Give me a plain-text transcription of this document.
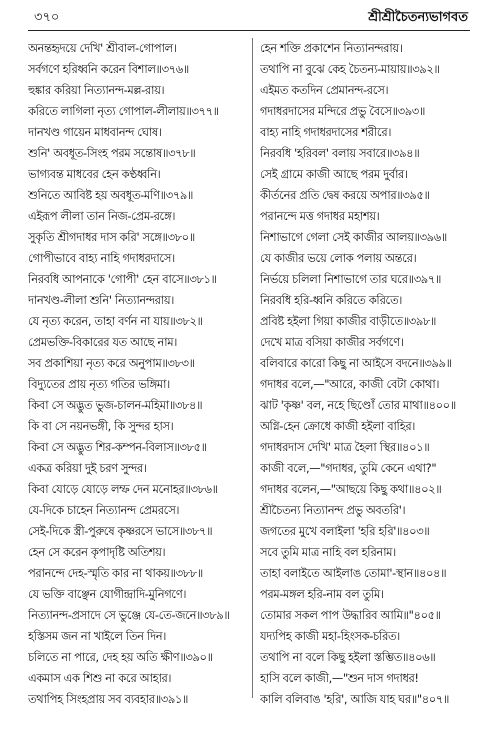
৩৭০	শ্রীশ্রীচৈতন্যভাগবত
অনন্তহৃদয়ে দেখি' শ্রীবাল-গোপাল।
সর্বগণে হরিধ্বনি করেন বিশাল॥৩৭৬॥
হুঙ্কার করিয়া নিত্যানন্দ-মল্ল-রায়।
করিতে লাগিলা নৃত্য গোপাল-লীলায়॥৩৭৭॥
দানখণ্ড গায়েন মাধবানন্দ ঘোষ।
শুনি' অবধূত-সিংহ পরম সন্তোষ॥৩৭৮॥
ভাগ্যবন্ত মাধবের হেন কণ্ঠধ্বনি।
শুনিতে আবিষ্ট হয় অবধূত-মণি॥৩৭৯॥
এইরূপ লীলা তান নিজ-প্রেম-রঙ্গে।
সুকৃতি শ্রীগদাধর দাস করি' সঙ্গে॥৩৮০॥
গোপীভাবে বাহ্য নাহি গদাধরদাসে।
নিরবধি আপনাকে 'গোপী' হেন বাসে॥৩৮১॥
দানখণ্ড-লীলা শুনি' নিত্যানন্দরায়।
যে নৃত্য করেন, তাহা বর্ণন না যায়॥৩৮২॥
প্রেমভক্তি-বিকারের যত আছে নাম।
সব প্রকাশিয়া নৃত্য করে অনুপাম॥৩৮৩॥
বিদ্যুতের প্রায় নৃত্য গতির ভঙ্গিমা।
কিবা সে অদ্ভুত ভুজ-চালন-মহিমা॥৩৮৪॥
কি বা সে নয়নভঙ্গী, কি সুন্দর হাস।
কিবা সে অদ্ভুত শির-কম্পন-বিলাস॥৩৮৫॥
একত্র করিয়া দুই চরণ সুন্দর।
কিবা যোড়ে যোড়ে লম্ফ দেন মনোহর॥৩৮৬॥
যে-দিকে চাহেন নিত্যানন্দ প্রেমরসে।
সেই-দিকে স্ত্রী-পুরুষে কৃষ্ণরসে ভাসে॥৩৮৭॥
হেন সে করেন কৃপাদৃষ্টি অতিশয়।
পরানন্দে দেহ-স্মৃতি কার না থাকয়॥৩৮৮॥
যে ভক্তি বাঞ্ছেন যোগীন্দ্রাদি-মুনিগণে।
নিত্যানন্দ-প্রসাদে সে ভুঞ্জে যে-তে-জনে॥৩৮৯॥
হস্তিসম জন না খাইলে তিন দিন।
চলিতে না পারে, দেহ হয় অতি ক্ষীণ॥৩৯০॥
একমাস এক শিশু না করে আহার।
তথাপিহ সিংহপ্রায় সব ব্যবহার॥৩৯১॥
হেন শক্তি প্রকাশেন নিত্যানন্দরায়।
তথাপি না বুঝে কেহ চৈতন্য-মায়ায়॥৩৯২॥
এইমত কতদিন প্রেমানন্দ-রসে।
গদাধরদাসের মন্দিরে প্রভু বৈসে॥৩৯৩॥
বাহ্য নাহি গদাধরদাসের শরীরে।
নিরবধি 'হরিবল' বলায় সবারে॥৩৯৪॥
সেই গ্রামে কাজী আছে পরম দুর্বার।
কীর্তনের প্রতি দ্বেষ করয়ে অপার॥৩৯৫॥
পরানন্দে মত্ত গদাধর মহাশয়।
নিশাভাগে গেলা সেই কাজীর আলয়॥৩৯৬॥
যে কাজীর ভয়ে লোক পলায় অন্তরে।
নির্ভয়ে চলিলা নিশাভাগে তার ঘরে॥৩৯৭॥
নিরবধি হরি-ধ্বনি করিতে করিতে।
প্রবিষ্ট হইলা গিয়া কাজীর বাড়ীতে॥৩৯৮॥
দেখে মাত্র বসিয়া কাজীর সর্বগণে।
বলিবারে কারো কিছু না আইসে বদনে॥৩৯৯॥
গদাধর বলে,—"আরে, কাজী বেটা কোথা।
ঝাট 'কৃষ্ণ' বল, নহে ছিণ্ডোঁ তোর মাথা॥৪০০॥
অগ্নি-হেন ক্রোধে কাজী হইলা বাহির।
গদাধরদাস দেখি' মাত্র হৈলা স্থির॥৪০১॥
কাজী বলে,—"গদাধর, তুমি কেনে এথা?"
গদাধর বলেন,—"আছয়ে কিছু কথা॥৪০২॥
শ্রীচৈতন্য নিত্যানন্দ প্রভু অবতরি'।
জগতের মুখে বলাইলা 'হরি হরি'॥৪০৩॥
সবে তুমি মাত্র নাহি বল হরিনাম।
তাহা বলাইতে আইলাঙ তোমা'-স্থান॥৪০৪॥
পরম-মঙ্গল হরি-নাম বল তুমি।
তোমার সকল পাপ উদ্ধারিব আমি॥"৪০৫॥
যদ্যপিহ কাজী মহা-হিংসক-চরিত।
তথাপি না বলে কিছু হইলা স্তম্ভিত॥৪০৬॥
হাসি বলে কাজী,—"শুন দাস গদাধর!
কালি বলিবাঙ 'হরি', আজি যাহ ঘর॥"৪০৭॥
